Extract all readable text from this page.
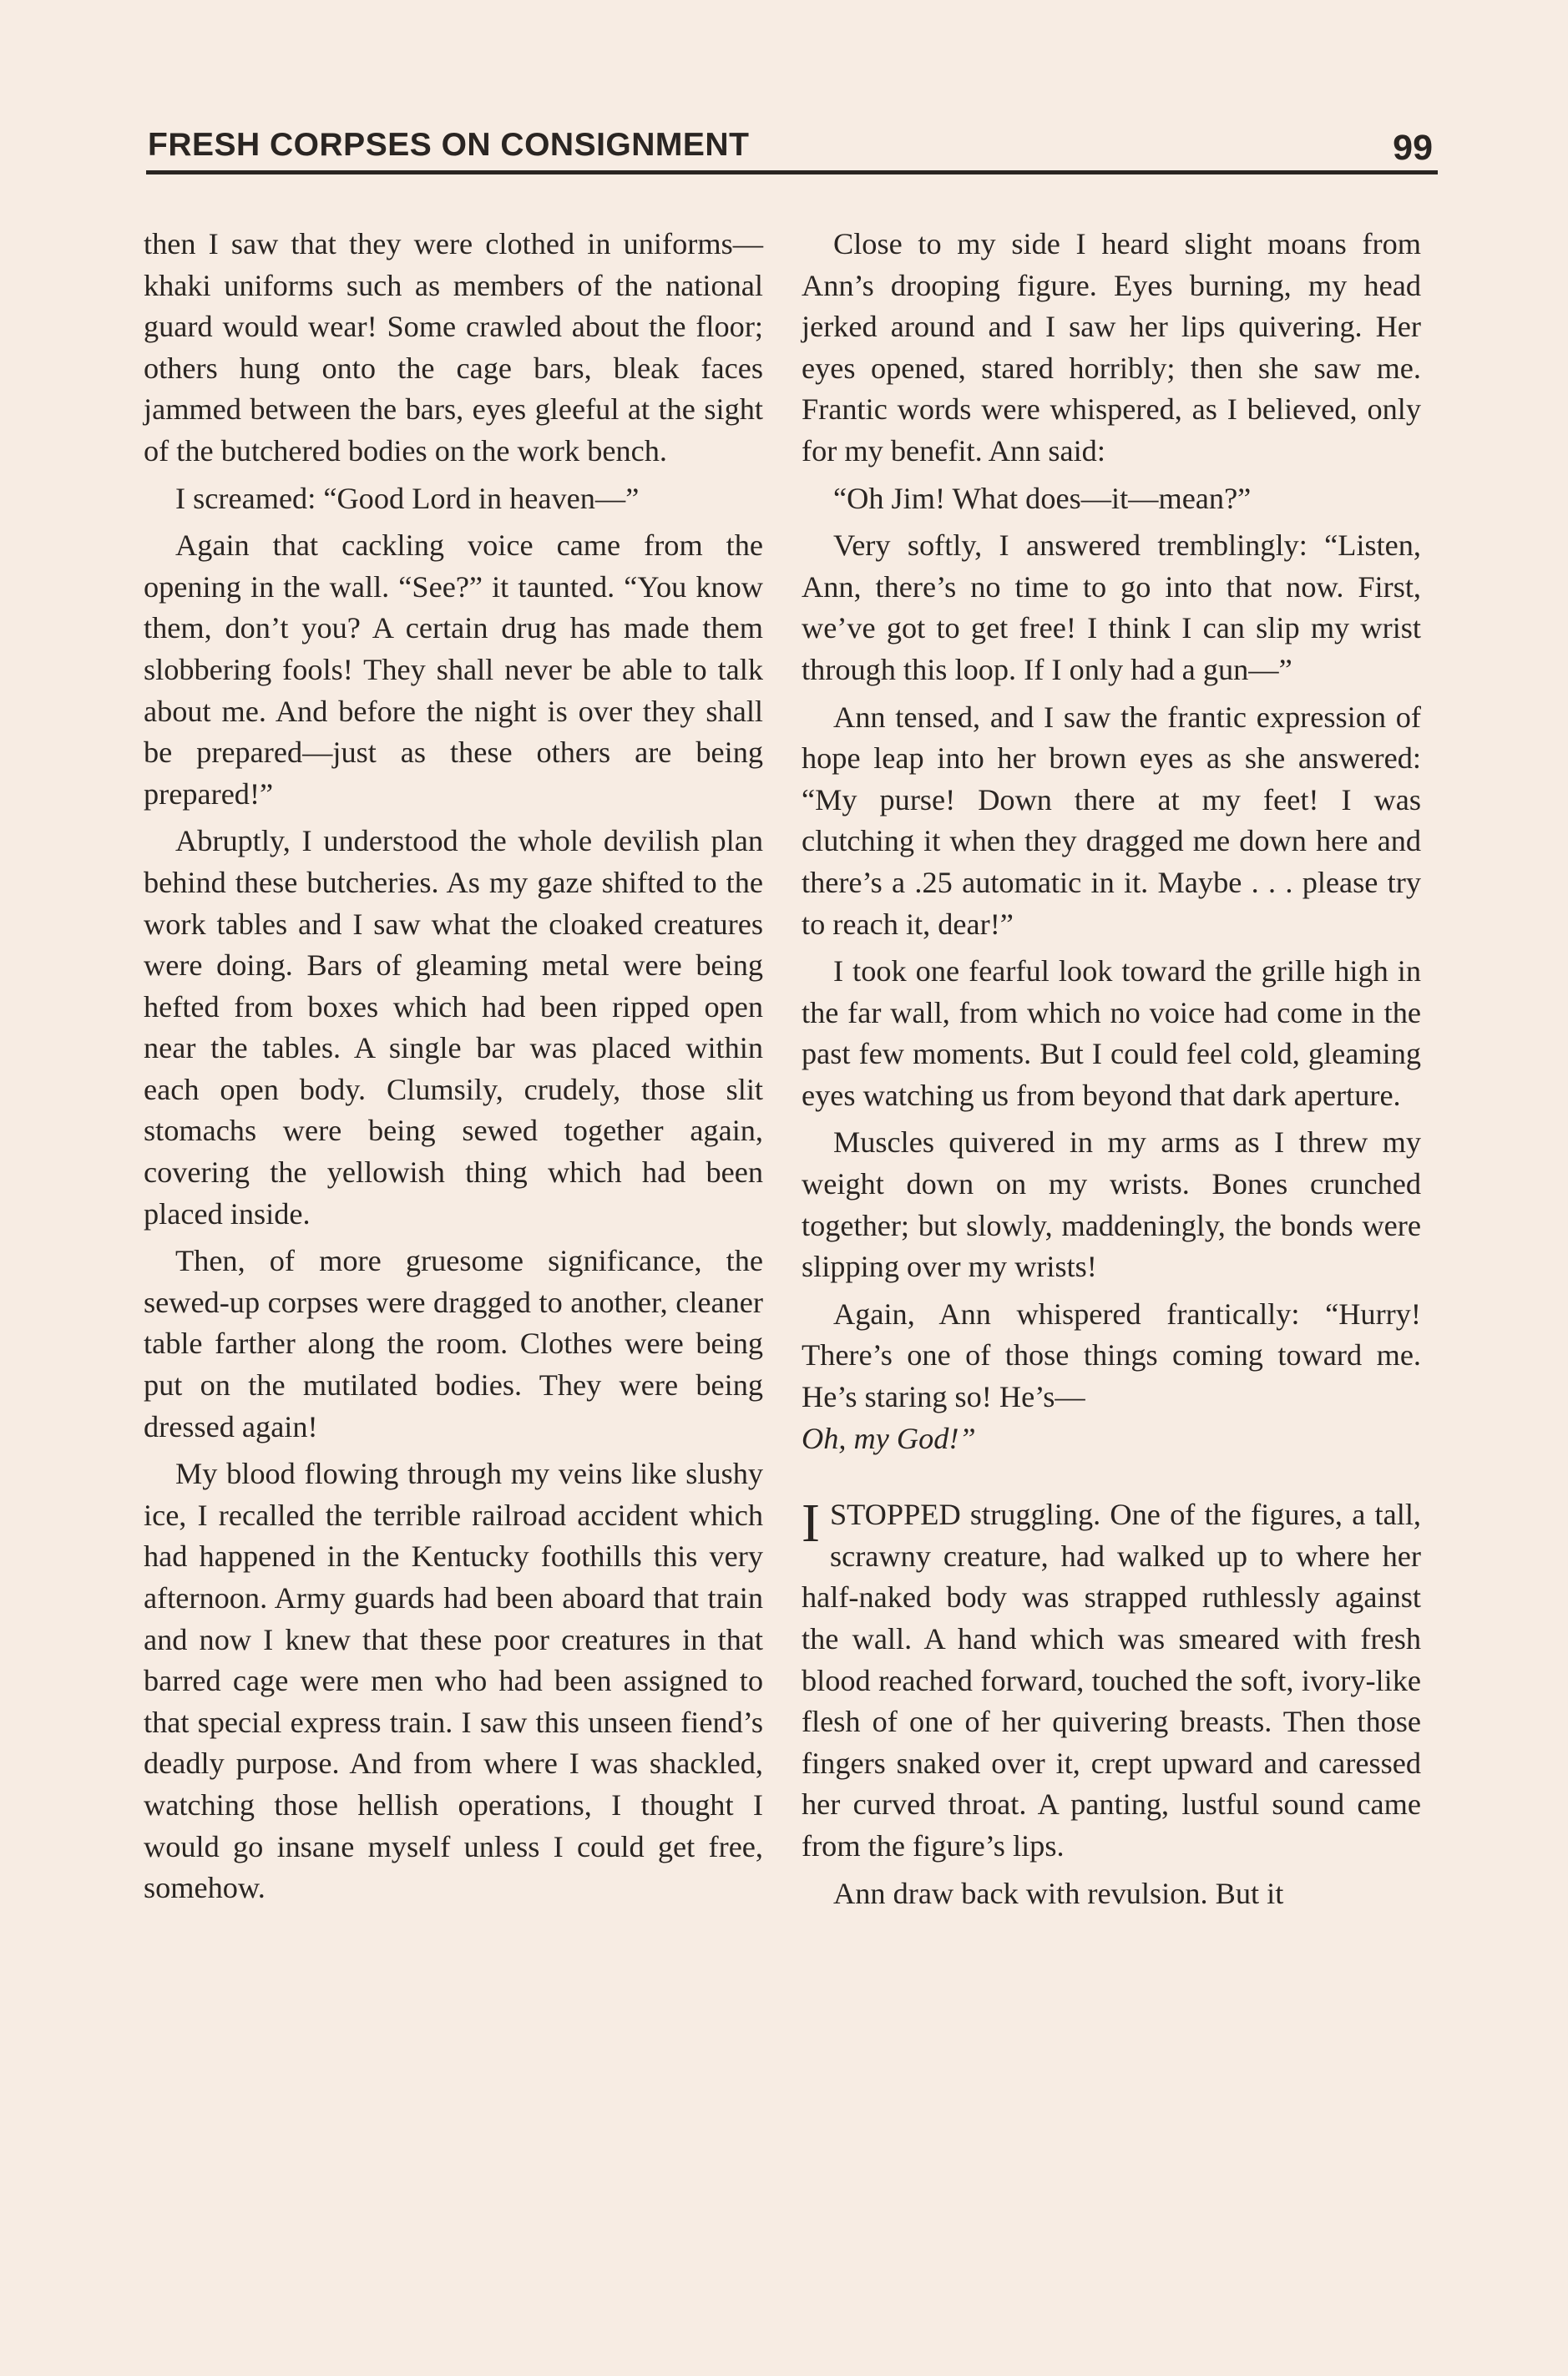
FRESH CORPSES ON CONSIGNMENT	99

then I saw that they were clothed in uniforms—khaki uniforms such as members of the national guard would wear! Some crawled about the floor; others hung onto the cage bars, bleak faces jammed between the bars, eyes gleeful at the sight of the butchered bodies on the work bench.

I screamed: “Good Lord in heaven—”

Again that cackling voice came from the opening in the wall. “See?” it taunted. “You know them, don’t you? A certain drug has made them slobbering fools! They shall never be able to talk about me. And before the night is over they shall be prepared—just as these others are being prepared!”

Abruptly, I understood the whole devilish plan behind these butcheries. As my gaze shifted to the work tables and I saw what the cloaked creatures were doing. Bars of gleaming metal were being hefted from boxes which had been ripped open near the tables. A single bar was placed within each open body. Clumsily, crudely, those slit stomachs were being sewed together again, covering the yellowish thing which had been placed inside.

Then, of more gruesome significance, the sewed-up corpses were dragged to another, cleaner table farther along the room. Clothes were being put on the mutilated bodies. They were being dressed again!

My blood flowing through my veins like slushy ice, I recalled the terrible railroad accident which had happened in the Kentucky foothills this very afternoon. Army guards had been aboard that train and now I knew that these poor creatures in that barred cage were men who had been assigned to that special express train. I saw this unseen fiend’s deadly purpose. And from where I was shackled, watching those hellish operations, I thought I would go insane myself unless I could get free, somehow.

Close to my side I heard slight moans from Ann’s drooping figure. Eyes burning, my head jerked around and I saw her lips quivering. Her eyes opened, stared horribly; then she saw me. Frantic words were whispered, as I believed, only for my benefit. Ann said:

“Oh Jim! What does—it—mean?”

Very softly, I answered tremblingly: “Listen, Ann, there’s no time to go into that now. First, we’ve got to get free! I think I can slip my wrist through this loop. If I only had a gun—”

Ann tensed, and I saw the frantic expression of hope leap into her brown eyes as she answered: “My purse! Down there at my feet! I was clutching it when they dragged me down here and there’s a .25 automatic in it. Maybe . . . please try to reach it, dear!”

I took one fearful look toward the grille high in the far wall, from which no voice had come in the past few moments. But I could feel cold, gleaming eyes watching us from beyond that dark aperture.

Muscles quivered in my arms as I threw my weight down on my wrists. Bones crunched together; but slowly, maddeningly, the bonds were slipping over my wrists!

Again, Ann whispered frantically: “Hurry! There’s one of those things coming toward me. He’s staring so! He’s—
Oh, my God!”

ISTOPPED struggling. One of the figures, a tall, scrawny creature, had walked up to where her half-naked body was strapped ruthlessly against the wall. A hand which was smeared with fresh blood reached forward, touched the soft, ivory-like flesh of one of her quivering breasts. Then those fingers snaked over it, crept upward and caressed her curved throat. A panting, lustful sound came from the figure’s lips.

Ann draw back with revulsion. But it
